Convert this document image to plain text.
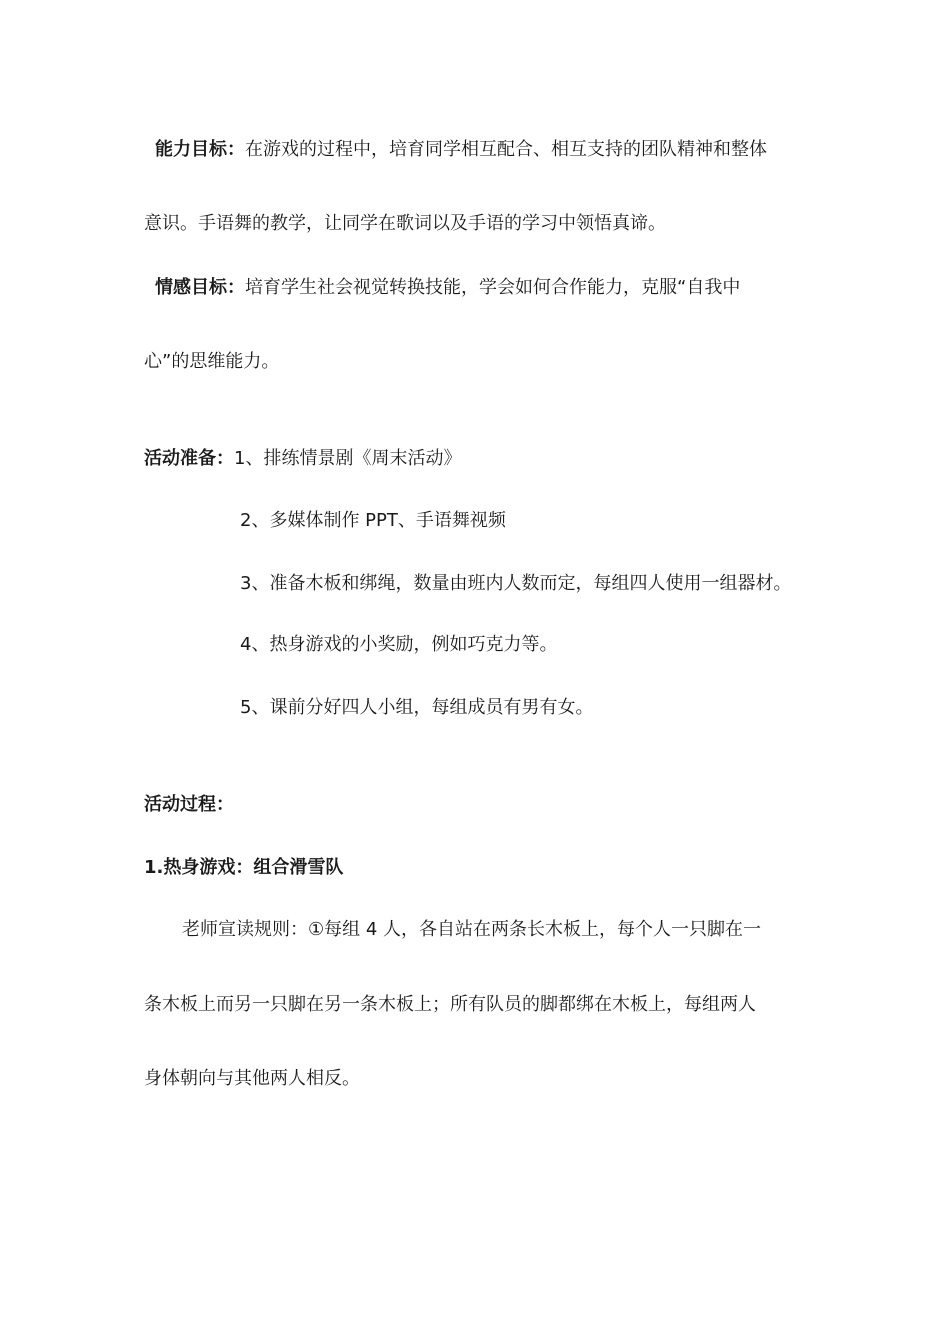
能力目标：在游戏的过程中，培育同学相互配合、相互支持的团队精神和整体
意识。手语舞的教学，让同学在歌词以及手语的学习中领悟真谛。
情感目标：培育学生社会视觉转换技能，学会如何合作能力，克服“自我中
心”的思维能力。
活动准备：1、排练情景剧《周末活动》
2、多媒体制作 PPT、手语舞视频
3、准备木板和绑绳，数量由班内人数而定，每组四人使用一组器材。
4、热身游戏的小奖励，例如巧克力等。
5、课前分好四人小组，每组成员有男有女。
活动过程：
1.热身游戏：组合滑雪队
老师宣读规则：①每组 4 人，各自站在两条长木板上，每个人一只脚在一
条木板上而另一只脚在另一条木板上；所有队员的脚都绑在木板上，每组两人
身体朝向与其他两人相反。
